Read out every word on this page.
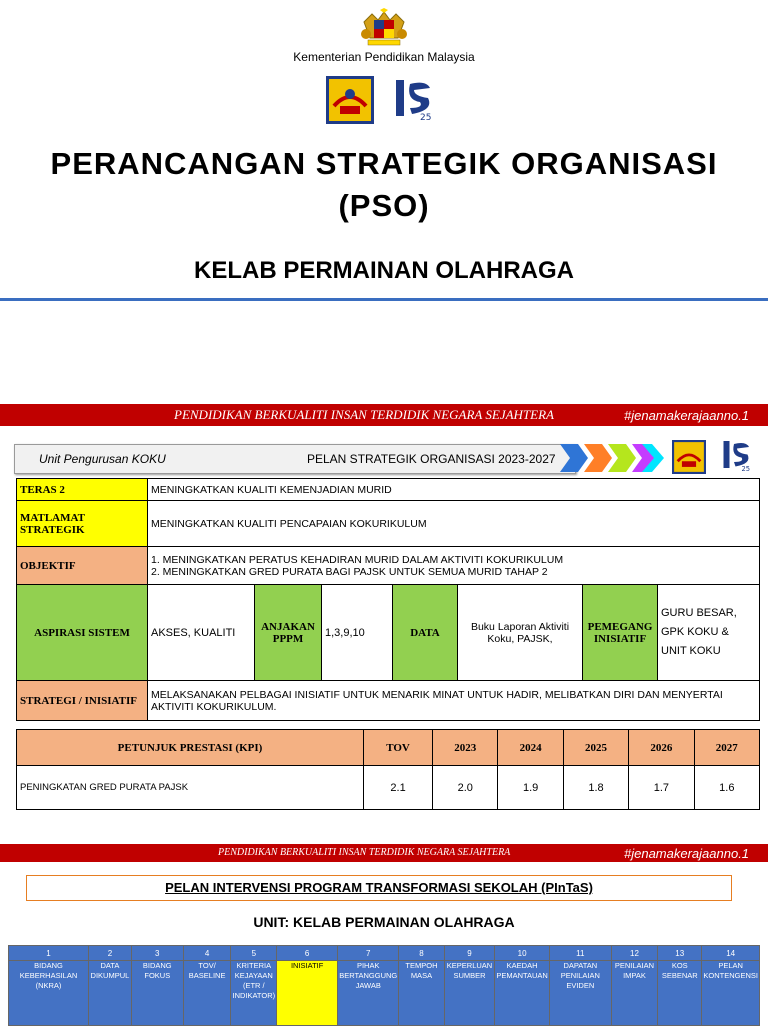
Kementerian Pendidikan Malaysia
25
PERANCANGAN STRATEGIK ORGANISASI
(PSO)
KELAB PERMAINAN OLAHRAGA
PENDIDIKAN BERKUALITI INSAN TERDIDIK NEGARA SEJAHTERA	#jenamakerajaanno.1
Unit Pengurusan KOKU	PELAN STRATEGIK ORGANISASI 2023-2027
25
TERAS 2	MENINGKATKAN KUALITI KEMENJADIAN MURID						
MATLAMAT STRATEGIK	MENINGKATKAN KUALITI PENCAPAIAN KOKURIKULUM						
OBJEKTIF	1. MENINGKATKAN PERATUS KEHADIRAN MURID DALAM AKTIVITI KOKURIKULUM
2. MENINGKATKAN GRED PURATA BAGI PAJSK UNTUK SEMUA MURID TAHAP 2						

ASPIRASI SISTEM	AKSES, KUALITI	ANJAKAN PPPM	1,3,9,10	DATA	Buku Laporan Aktiviti Koku, PAJSK,	PEMEGANG INISIATIF	GURU BESAR, GPK KOKU & UNIT KOKU
STRATEGI / INISIATIF	MELAKSANAKAN PELBAGAI INISIATIF UNTUK MENARIK MINAT UNTUK HADIR, MELIBATKAN DIRI DAN MENYERTAI AKTIVITI KOKURIKULUM.						
PETUNJUK PRESTASI (KPI)	TOV	2023	2024	2025	2026	2027
PENINGKATAN GRED PURATA PAJSK	2.1	2.0	1.9	1.8	1.7	1.6
PENDIDIKAN BERKUALITI INSAN TERDIDIK NEGARA SEJAHTERA	#jenamakerajaanno.1
PELAN INTERVENSI PROGRAM TRANSFORMASI SEKOLAH (PInTaS)
UNIT: KELAB PERMAINAN OLAHRAGA
1	2	3	4	5	6	7	8	9	10	11	12	13	14
BIDANG KEBERHASILAN (NKRA)	DATA DIKUMPUL	BIDANG FOKUS	TOV/ BASELINE	KRITERIA KEJAYAAN (ETR / INDIKATOR)	INISIATIF	PIHAK BERTANGGUNG JAWAB	TEMPOH MASA	KEPERLUAN SUMBER	KAEDAH PEMANTAUAN	DAPATAN PENILAIAN EVIDEN	PENILAIAN IMPAK	KOS SEBENAR	PELAN KONTENGENSI
